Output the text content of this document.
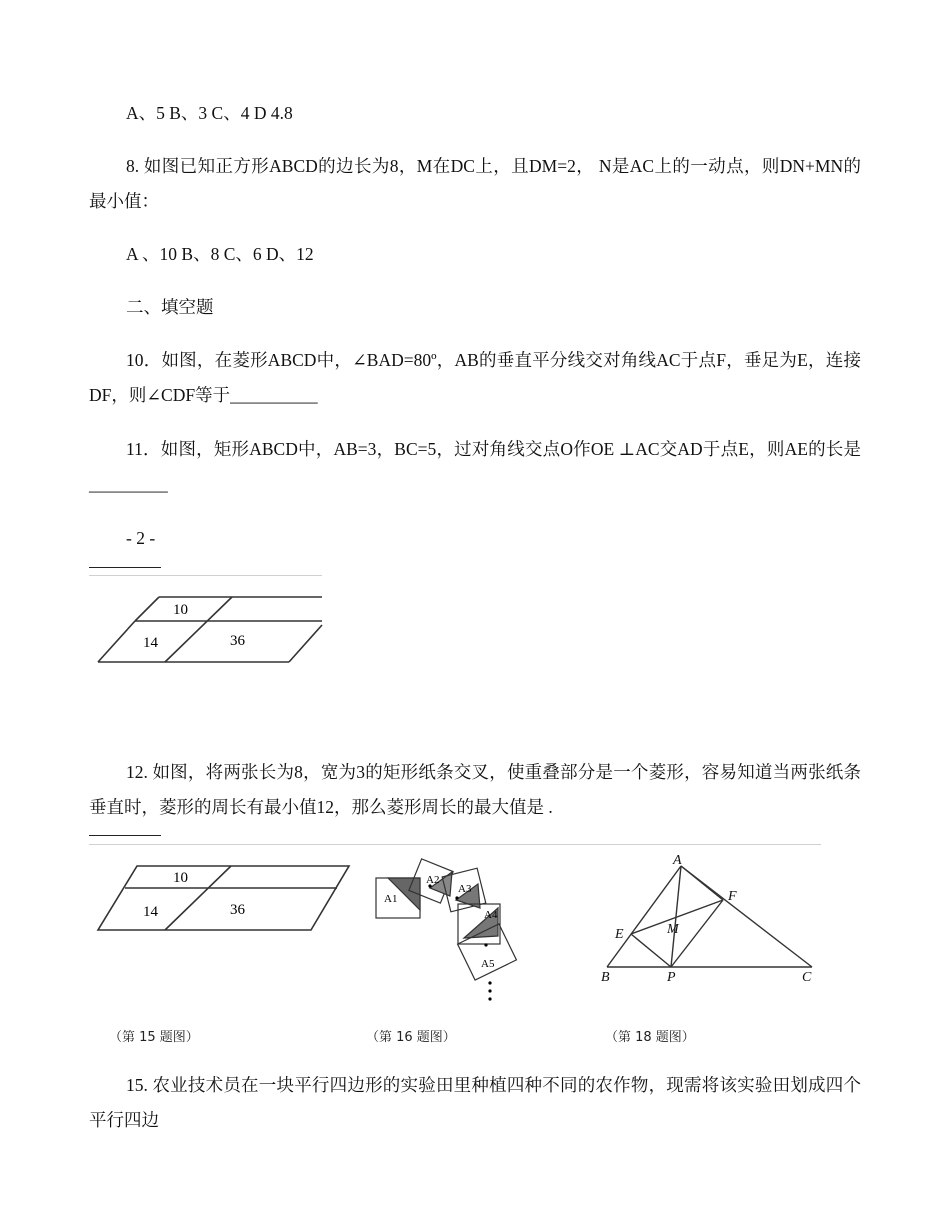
A、5 B、3 C、4 D 4.8

8. 如图已知正方形ABCD的边长为8，M在DC上，且DM=2， N是AC上的一动点，则DN+MN的最小值：

A 、10 B、8 C、6 D、12

二、填空题

10．如图，在菱形ABCD中，∠BAD=80º，AB的垂直平分线交对角线AC于点F，垂足为E，连接DF，则∠CDF等于__________

11．如图，矩形ABCD中，AB=3，BC=5，过对角线交点O作OE ⊥AC交AD于点E，则AE的长是_________

- 2 -

10
14	36

12. 如图，将两张长为8，宽为3的矩形纸条交叉，使重叠部分是一个菱形，容易知道当两张纸条垂直时，菱形的周长有最小值12，那么菱形周长的最大值是 .

10
14	36
（第 15 题图）
A1
A2
A3
A4
A5
（第 16 题图）
A
F
E	M
B	P	C
（第 18 题图）

15. 农业技术员在一块平行四边形的实验田里种植四种不同的农作物，现需将该实验田划成四个平行四边
